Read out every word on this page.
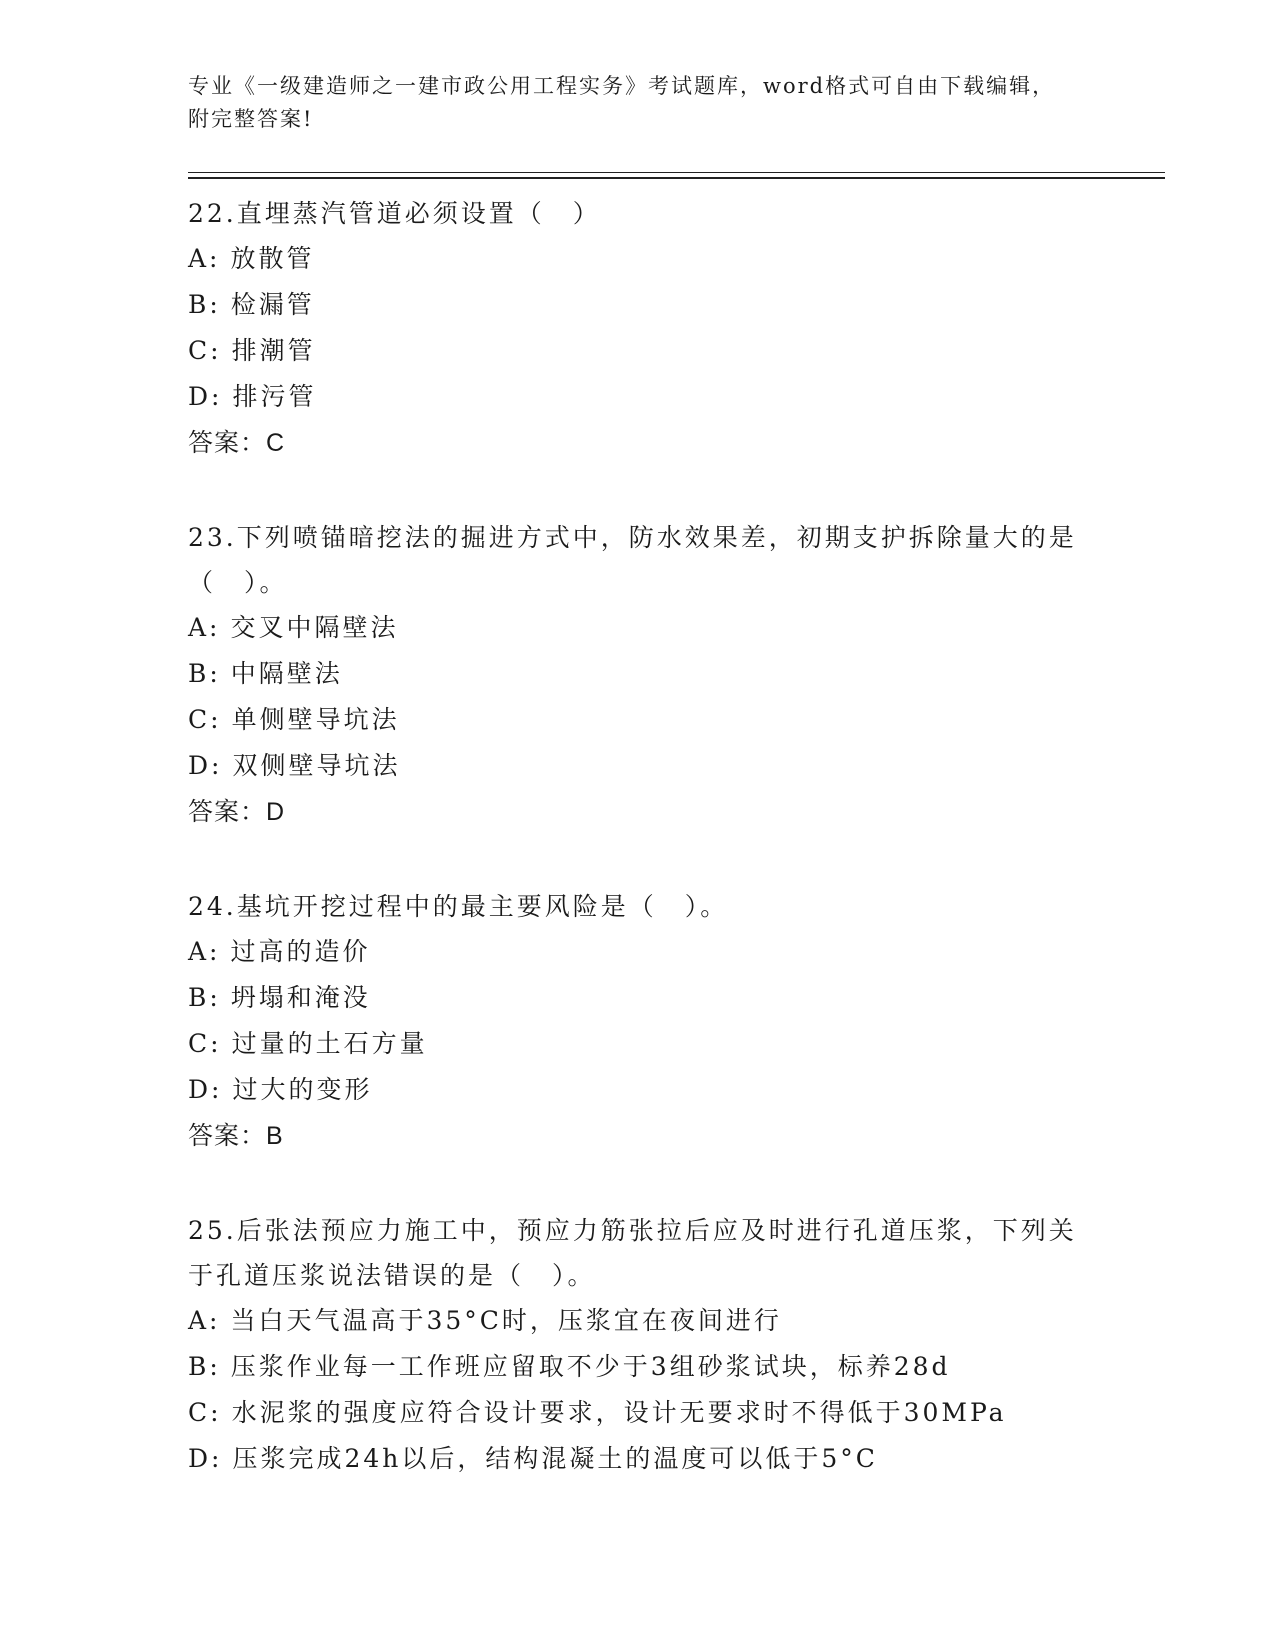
专业《一级建造师之一建市政公用工程实务》考试题库，word格式可自由下载编辑，附完整答案!

22.直埋蒸汽管道必须设置（　）

A: 放散管

B: 检漏管

C: 排潮管

D: 排污管

答案：C

23.下列喷锚暗挖法的掘进方式中，防水效果差，初期支护拆除量大的是（　）。

A: 交叉中隔壁法

B: 中隔壁法

C: 单侧壁导坑法

D: 双侧壁导坑法

答案：D

24.基坑开挖过程中的最主要风险是（　）。

A: 过高的造价

B: 坍塌和淹没

C: 过量的土石方量

D: 过大的变形

答案：B

25.后张法预应力施工中，预应力筋张拉后应及时进行孔道压浆，下列关于孔道压浆说法错误的是（　）。

A: 当白天气温高于35°C时，压浆宜在夜间进行

B: 压浆作业每一工作班应留取不少于3组砂浆试块，标养28d

C: 水泥浆的强度应符合设计要求，设计无要求时不得低于30MPa

D: 压浆完成24h以后，结构混凝土的温度可以低于5°C
